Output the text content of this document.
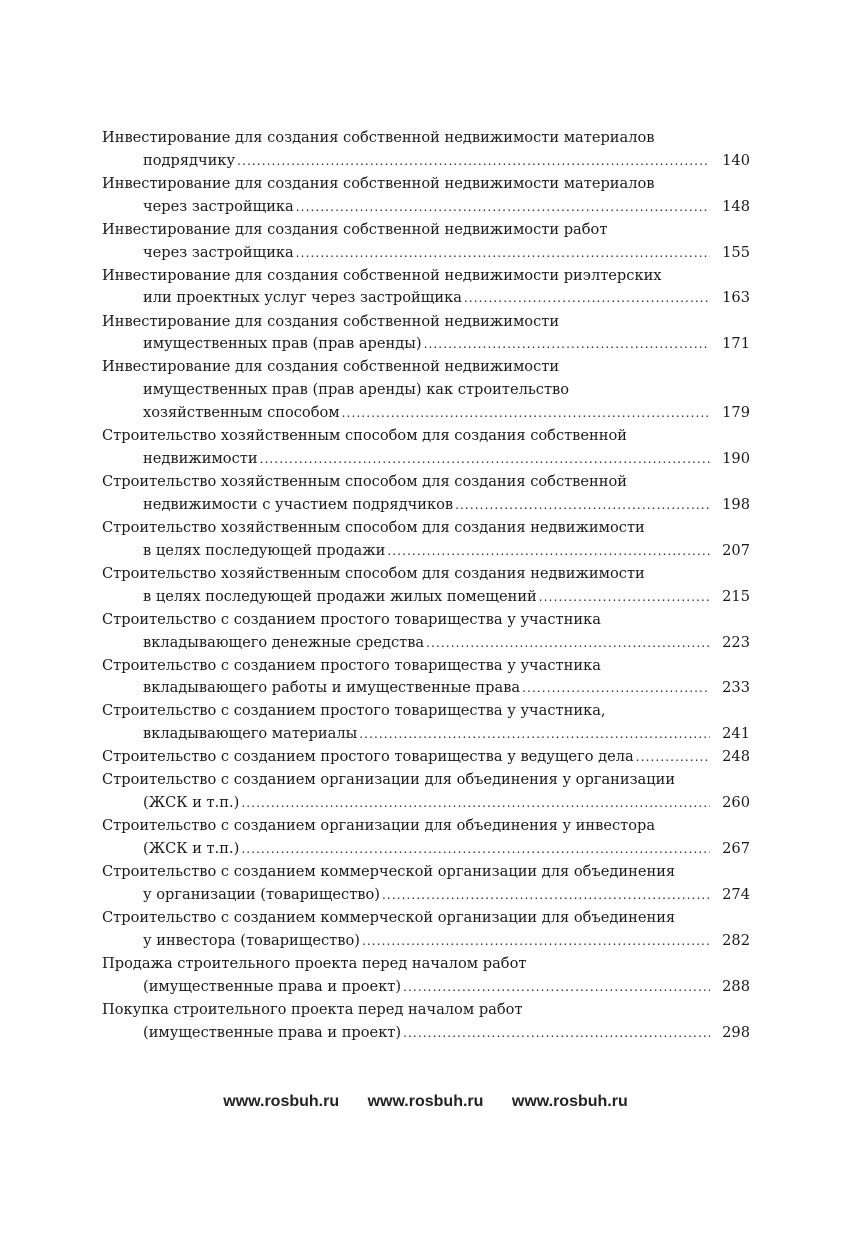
Инвестирование для создания собственной недвижимости материалов
подрядчику .....	140
Инвестирование для создания собственной недвижимости материалов
через застройщика .....	148
Инвестирование для создания собственной недвижимости работ
через застройщика .....	155
Инвестирование для создания собственной недвижимости риэлтерских
или проектных услуг через застройщика .....	163
Инвестирование для создания собственной недвижимости
имущественных прав (прав аренды) .....	171
Инвестирование для создания собственной недвижимости
имущественных прав (прав аренды) как строительство
хозяйственным способом .....	179
Строительство хозяйственным способом для создания собственной
недвижимости .....	190
Строительство хозяйственным способом для создания собственной
недвижимости с участием подрядчиков .....	198
Строительство хозяйственным способом для создания недвижимости
в целях последующей продажи .....	207
Строительство хозяйственным способом для создания недвижимости
в целях последующей продажи жилых помещений .....	215
Строительство с созданием простого товарищества у участника
вкладывающего денежные средства .....	223
Строительство с созданием простого товарищества у участника
вкладывающего работы и имущественные права .....	233
Строительство с созданием простого товарищества у участника,
вкладывающего материалы .....	241
Строительство с созданием простого товарищества у ведущего дела .....	248
Строительство с созданием организации для объединения у организации
(ЖСК и т.п.) .....	260
Строительство с созданием организации для объединения у инвестора
(ЖСК и т.п.) .....	267
Строительство с созданием коммерческой организации для объединения
у организации (товарищество) .....	274
Строительство с созданием коммерческой организации для объединения
у инвестора (товарищество) .....	282
Продажа строительного проекта перед началом работ
(имущественные права и проект) .....	288
Покупка строительного проекта перед началом работ
(имущественные права и проект) .....	298
www.rosbuh.ru www.rosbuh.ru www.rosbuh.ru
